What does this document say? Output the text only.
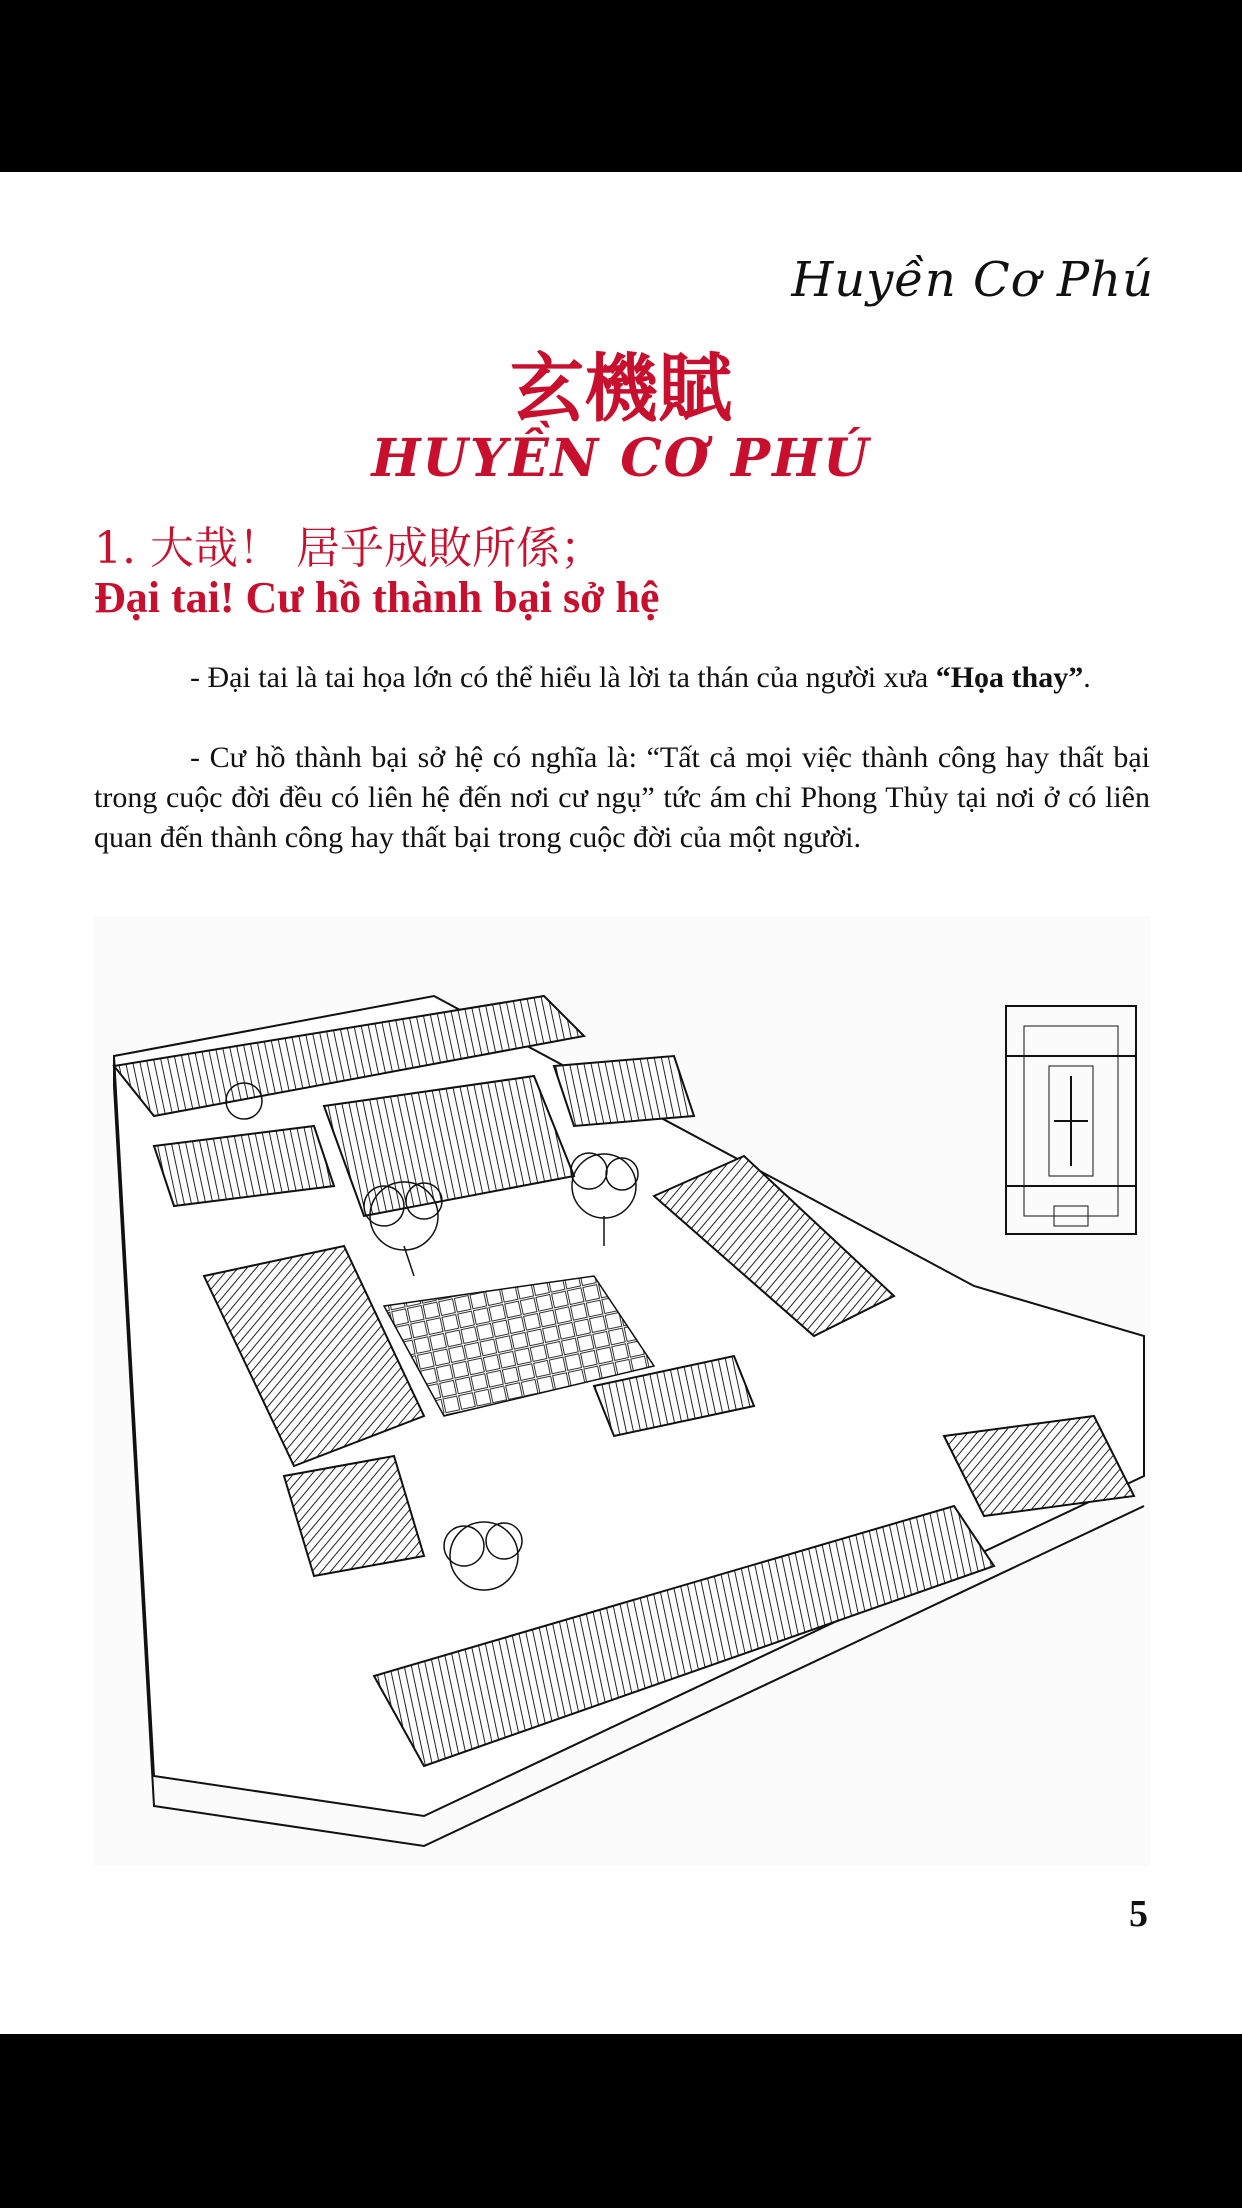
Huyền Cơ Phú
玄機賦
HUYỀN CƠ PHÚ
1. 大哉！ 居乎成敗所係；
Đại tai! Cư hồ thành bại sở hệ

- Đại tai là tai họa lớn có thể hiểu là lời ta thán của người xưa “Họa thay”.

- Cư hồ thành bại sở hệ có nghĩa là: “Tất cả mọi việc thành công hay thất bại trong cuộc đời đều có liên hệ đến nơi cư ngụ” tức ám chỉ Phong Thủy tại nơi ở có liên quan đến thành công hay thất bại trong cuộc đời của một người.

5
